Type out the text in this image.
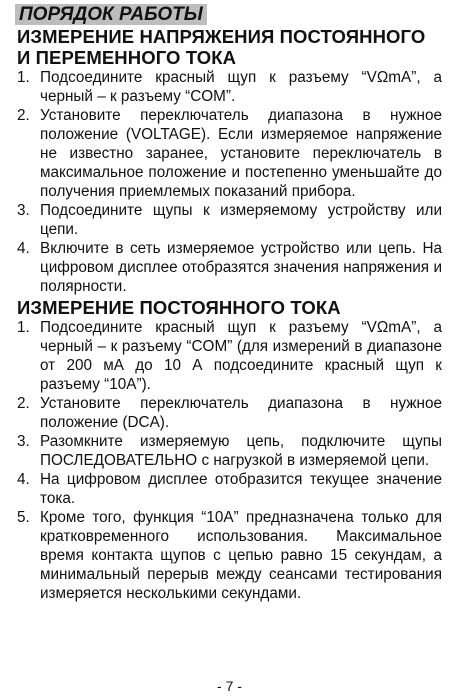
ПОРЯДОК РАБОТЫ
ИЗМЕРЕНИЕ НАПРЯЖЕНИЯ ПОСТОЯННОГО И ПЕРЕМЕННОГО ТОКА
1. Подсоедините красный щуп к разъему “VΩmA”, а черный – к разъему “COM”.
2. Установите переключатель диапазона в нужное положение (VOLTAGE). Если измеряемое напряжение не известно заранее, установите переключатель в максимальное положение и постепенно уменьшайте до получения приемлемых показаний прибора.
3. Подсоедините щупы к измеряемому устройству или цепи.
4. Включите в сеть измеряемое устройство или цепь. На цифровом дисплее отобразятся значения напряжения и полярности.
ИЗМЕРЕНИЕ ПОСТОЯННОГО ТОКА
1. Подсоедините красный щуп к разъему “VΩmA”, а черный – к разъему “COM” (для измерений в диапазоне от 200 мА до 10 А подсоедините красный щуп к разъему “10А”).
2. Установите переключатель диапазона в нужное положение (DCA).
3. Разомкните измеряемую цепь, подключите щупы ПОСЛЕДОВАТЕЛЬНО с нагрузкой в измеряемой цепи.
4. На цифровом дисплее отобразится текущее значение тока.
5. Кроме того, функция “10А” предназначена только для кратковременного использования. Максимальное время контакта щупов с цепью равно 15 секундам, а минимальный перерыв между сеансами тестирования измеряется несколькими секундами.
- 7 -
